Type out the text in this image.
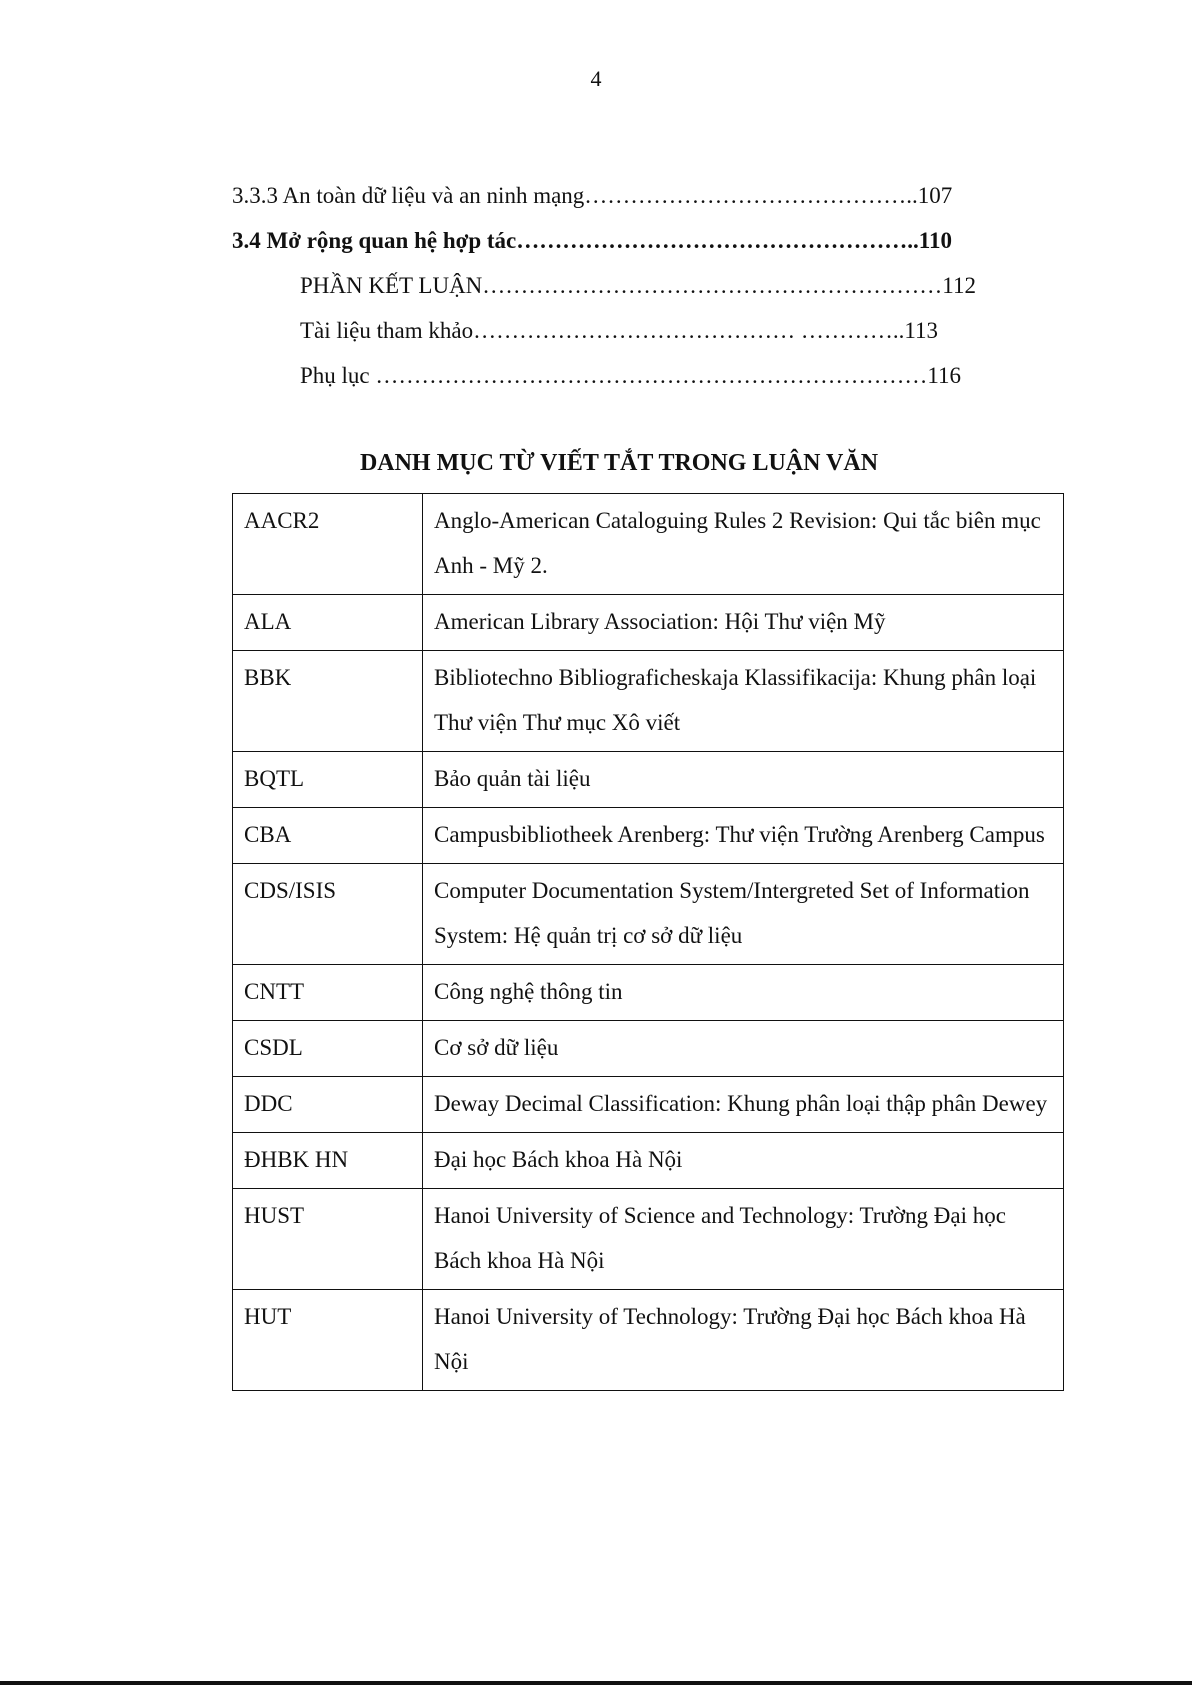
4
3.3.3 An toàn dữ liệu và an ninh mạng……………………………………..107
3.4 Mở rộng quan hệ hợp tác……………………………………………..110
PHẦN KẾT LUẬN……………………………………………………112
Tài liệu tham khảo…………………………………… …………..113
Phụ lục ………………………………………………………………116
DANH MỤC TỪ VIẾT TẮT TRONG LUẬN VĂN
AACR2	Anglo-American Cataloguing Rules 2 Revision: Qui tắc biên mục Anh - Mỹ 2.
ALA	American Library Association: Hội Thư viện Mỹ
BBK	Bibliotechno Bibliograficheskaja Klassifikacija: Khung phân loại Thư viện Thư mục Xô viết
BQTL	Bảo quản tài liệu
CBA	Campusbibliotheek Arenberg: Thư viện Trường Arenberg Campus
CDS/ISIS	Computer Documentation System/Intergreted Set of Information System: Hệ quản trị cơ sở dữ liệu
CNTT	Công nghệ thông tin
CSDL	Cơ sở dữ liệu
DDC	Deway Decimal Classification: Khung phân loại thập phân Dewey
ĐHBK HN	Đại học Bách khoa Hà Nội
HUST	Hanoi University of Science and Technology: Trường Đại học Bách khoa Hà Nội
HUT	Hanoi University of Technology: Trường Đại học Bách khoa Hà Nội
